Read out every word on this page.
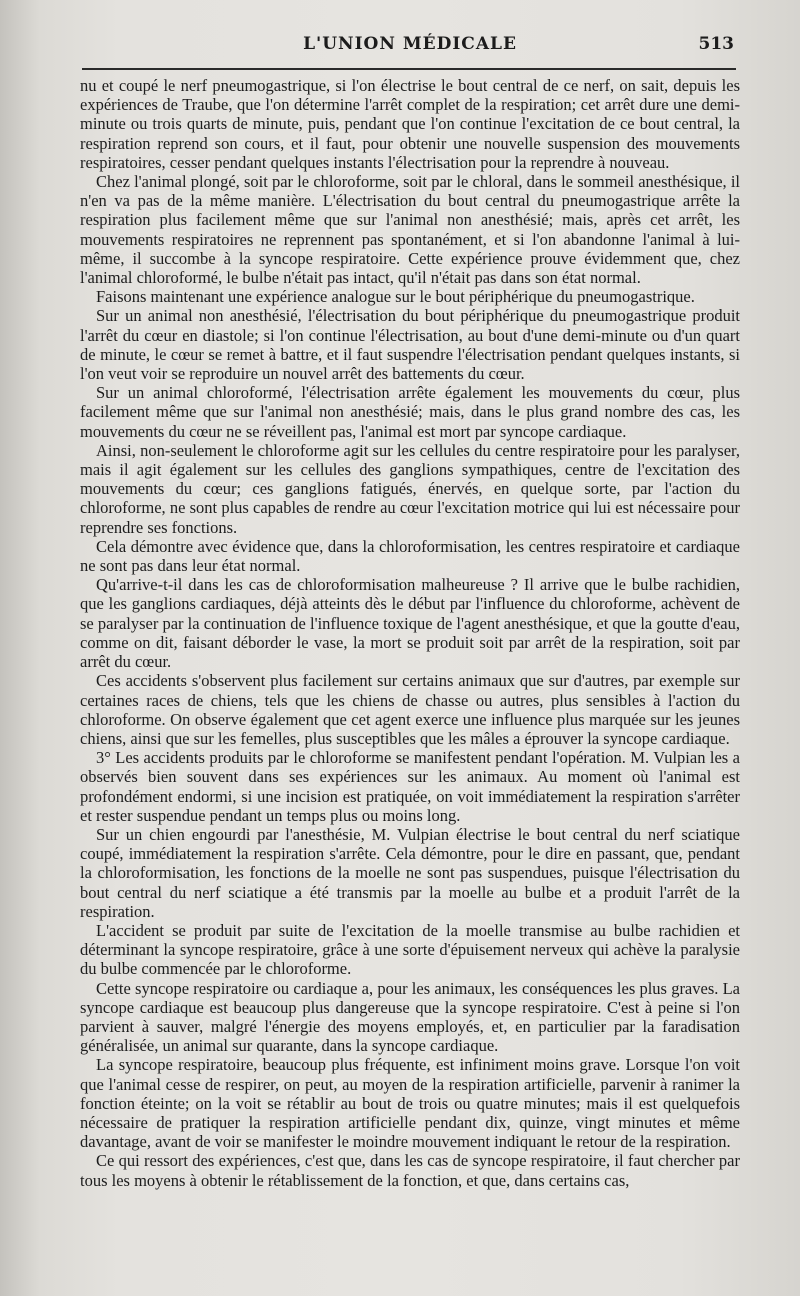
L'UNION MÉDICALE	513

nu et coupé le nerf pneumogastrique, si l'on électrise le bout central de ce nerf, on sait, depuis les expériences de Traube, que l'on détermine l'arrêt complet de la respiration; cet arrêt dure une demi-minute ou trois quarts de minute, puis, pendant que l'on continue l'excitation de ce bout central, la respiration reprend son cours, et il faut, pour obtenir une nouvelle suspension des mouvements respiratoires, cesser pendant quelques instants l'électrisation pour la reprendre à nouveau.

Chez l'animal plongé, soit par le chloroforme, soit par le chloral, dans le sommeil anesthésique, il n'en va pas de la même manière. L'électrisation du bout central du pneumogastrique arrête la respiration plus facilement même que sur l'animal non anesthésié; mais, après cet arrêt, les mouvements respiratoires ne reprennent pas spontanément, et si l'on abandonne l'animal à lui-même, il succombe à la syncope respiratoire. Cette expérience prouve évidemment que, chez l'animal chloroformé, le bulbe n'était pas intact, qu'il n'était pas dans son état normal.

Faisons maintenant une expérience analogue sur le bout périphérique du pneumogastrique.

Sur un animal non anesthésié, l'électrisation du bout périphérique du pneumogastrique produit l'arrêt du cœur en diastole; si l'on continue l'électrisation, au bout d'une demi-minute ou d'un quart de minute, le cœur se remet à battre, et il faut suspendre l'électrisation pendant quelques instants, si l'on veut voir se reproduire un nouvel arrêt des battements du cœur.

Sur un animal chloroformé, l'électrisation arrête également les mouvements du cœur, plus facilement même que sur l'animal non anesthésié; mais, dans le plus grand nombre des cas, les mouvements du cœur ne se réveillent pas, l'animal est mort par syncope cardiaque.

Ainsi, non-seulement le chloroforme agit sur les cellules du centre respiratoire pour les paralyser, mais il agit également sur les cellules des ganglions sympathiques, centre de l'excitation des mouvements du cœur; ces ganglions fatigués, énervés, en quelque sorte, par l'action du chloroforme, ne sont plus capables de rendre au cœur l'excitation motrice qui lui est nécessaire pour reprendre ses fonctions.

Cela démontre avec évidence que, dans la chloroformisation, les centres respiratoire et cardiaque ne sont pas dans leur état normal.

Qu'arrive-t-il dans les cas de chloroformisation malheureuse ? Il arrive que le bulbe rachidien, que les ganglions cardiaques, déjà atteints dès le début par l'influence du chloroforme, achèvent de se paralyser par la continuation de l'influence toxique de l'agent anesthésique, et que la goutte d'eau, comme on dit, faisant déborder le vase, la mort se produit soit par arrêt de la respiration, soit par arrêt du cœur.

Ces accidents s'observent plus facilement sur certains animaux que sur d'autres, par exemple sur certaines races de chiens, tels que les chiens de chasse ou autres, plus sensibles à l'action du chloroforme. On observe également que cet agent exerce une influence plus marquée sur les jeunes chiens, ainsi que sur les femelles, plus susceptibles que les mâles a éprouver la syncope cardiaque.

3° Les accidents produits par le chloroforme se manifestent pendant l'opération. M. Vulpian les a observés bien souvent dans ses expériences sur les animaux. Au moment où l'animal est profondément endormi, si une incision est pratiquée, on voit immédiatement la respiration s'arrêter et rester suspendue pendant un temps plus ou moins long.

Sur un chien engourdi par l'anesthésie, M. Vulpian électrise le bout central du nerf sciatique coupé, immédiatement la respiration s'arrête. Cela démontre, pour le dire en passant, que, pendant la chloroformisation, les fonctions de la moelle ne sont pas suspendues, puisque l'électrisation du bout central du nerf sciatique a été transmis par la moelle au bulbe et a produit l'arrêt de la respiration.

L'accident se produit par suite de l'excitation de la moelle transmise au bulbe rachidien et déterminant la syncope respiratoire, grâce à une sorte d'épuisement nerveux qui achève la paralysie du bulbe commencée par le chloroforme.

Cette syncope respiratoire ou cardiaque a, pour les animaux, les conséquences les plus graves. La syncope cardiaque est beaucoup plus dangereuse que la syncope respiratoire. C'est à peine si l'on parvient à sauver, malgré l'énergie des moyens employés, et, en particulier par la faradisation généralisée, un animal sur quarante, dans la syncope cardiaque.

La syncope respiratoire, beaucoup plus fréquente, est infiniment moins grave. Lorsque l'on voit que l'animal cesse de respirer, on peut, au moyen de la respiration artificielle, parvenir à ranimer la fonction éteinte; on la voit se rétablir au bout de trois ou quatre minutes; mais il est quelquefois nécessaire de pratiquer la respiration artificielle pendant dix, quinze, vingt minutes et même davantage, avant de voir se manifester le moindre mouvement indiquant le retour de la respiration.

Ce qui ressort des expériences, c'est que, dans les cas de syncope respiratoire, il faut chercher par tous les moyens à obtenir le rétablissement de la fonction, et que, dans certains cas,
